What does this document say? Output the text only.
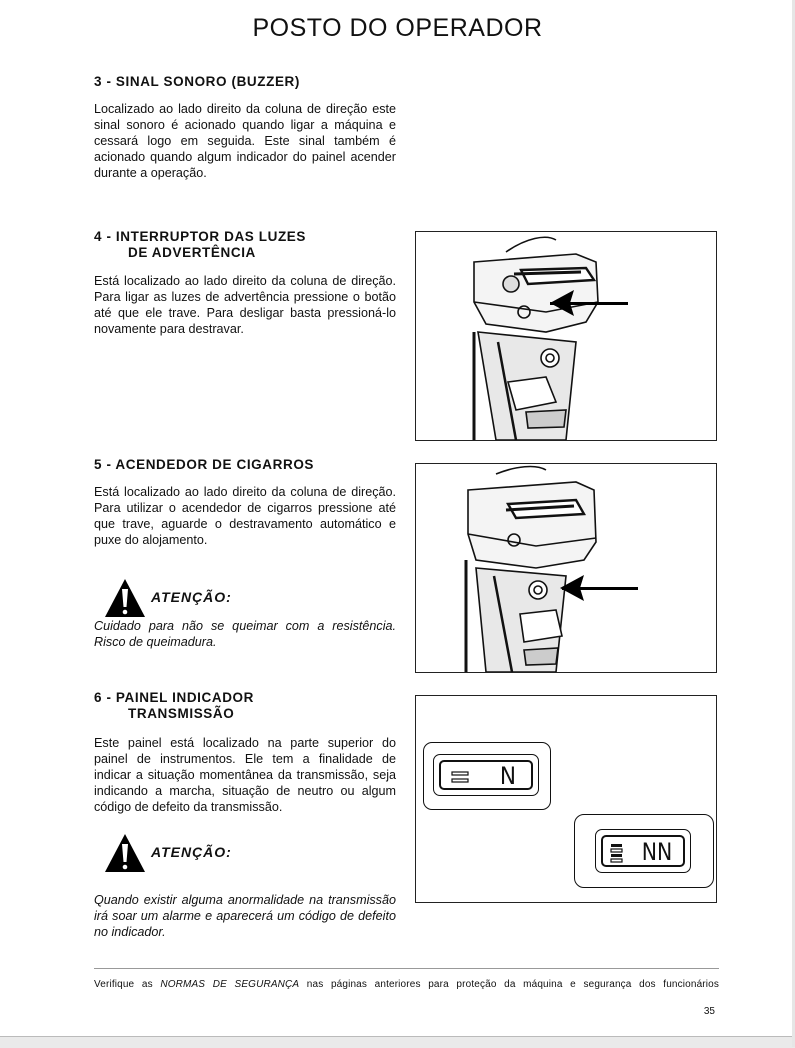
POSTO DO OPERADOR
3 - SINAL SONORO (BUZZER)
Localizado ao lado direito da coluna de direção este sinal sonoro é acionado quando ligar a máquina e cessará logo em seguida. Este sinal também é acionado quando algum indicador do painel acender durante a operação.
4 - INTERRUPTOR DAS LUZES
DE ADVERTÊNCIA
Está localizado ao lado direito da coluna de direção. Para ligar as luzes de advertência pressione o botão até que ele trave. Para desligar basta pressioná-lo novamente para destravar.
5 - ACENDEDOR DE CIGARROS
Está localizado ao lado direito da coluna de direção. Para utilizar o acendedor de cigarros pressione até que trave, aguarde o destravamento automático e puxe do alojamento.
ATENÇÃO:
Cuidado para não se queimar com a resistência. Risco de queimadura.
6 - PAINEL INDICADOR
TRANSMISSÃO
Este painel está localizado na parte superior do painel de instrumentos. Ele tem a finalidade de indicar a situação momentânea da transmissão, seja indicando a marcha, situação de neutro ou algum código de defeito da transmissão.
ATENÇÃO:
Quando existir alguma anormalidade na transmissão irá soar um alarme e aparecerá um código de defeito no indicador.
N
NN
Verifique as NORMAS DE SEGURANÇA nas páginas anteriores para proteção da máquina e segurança dos funcionários
35
